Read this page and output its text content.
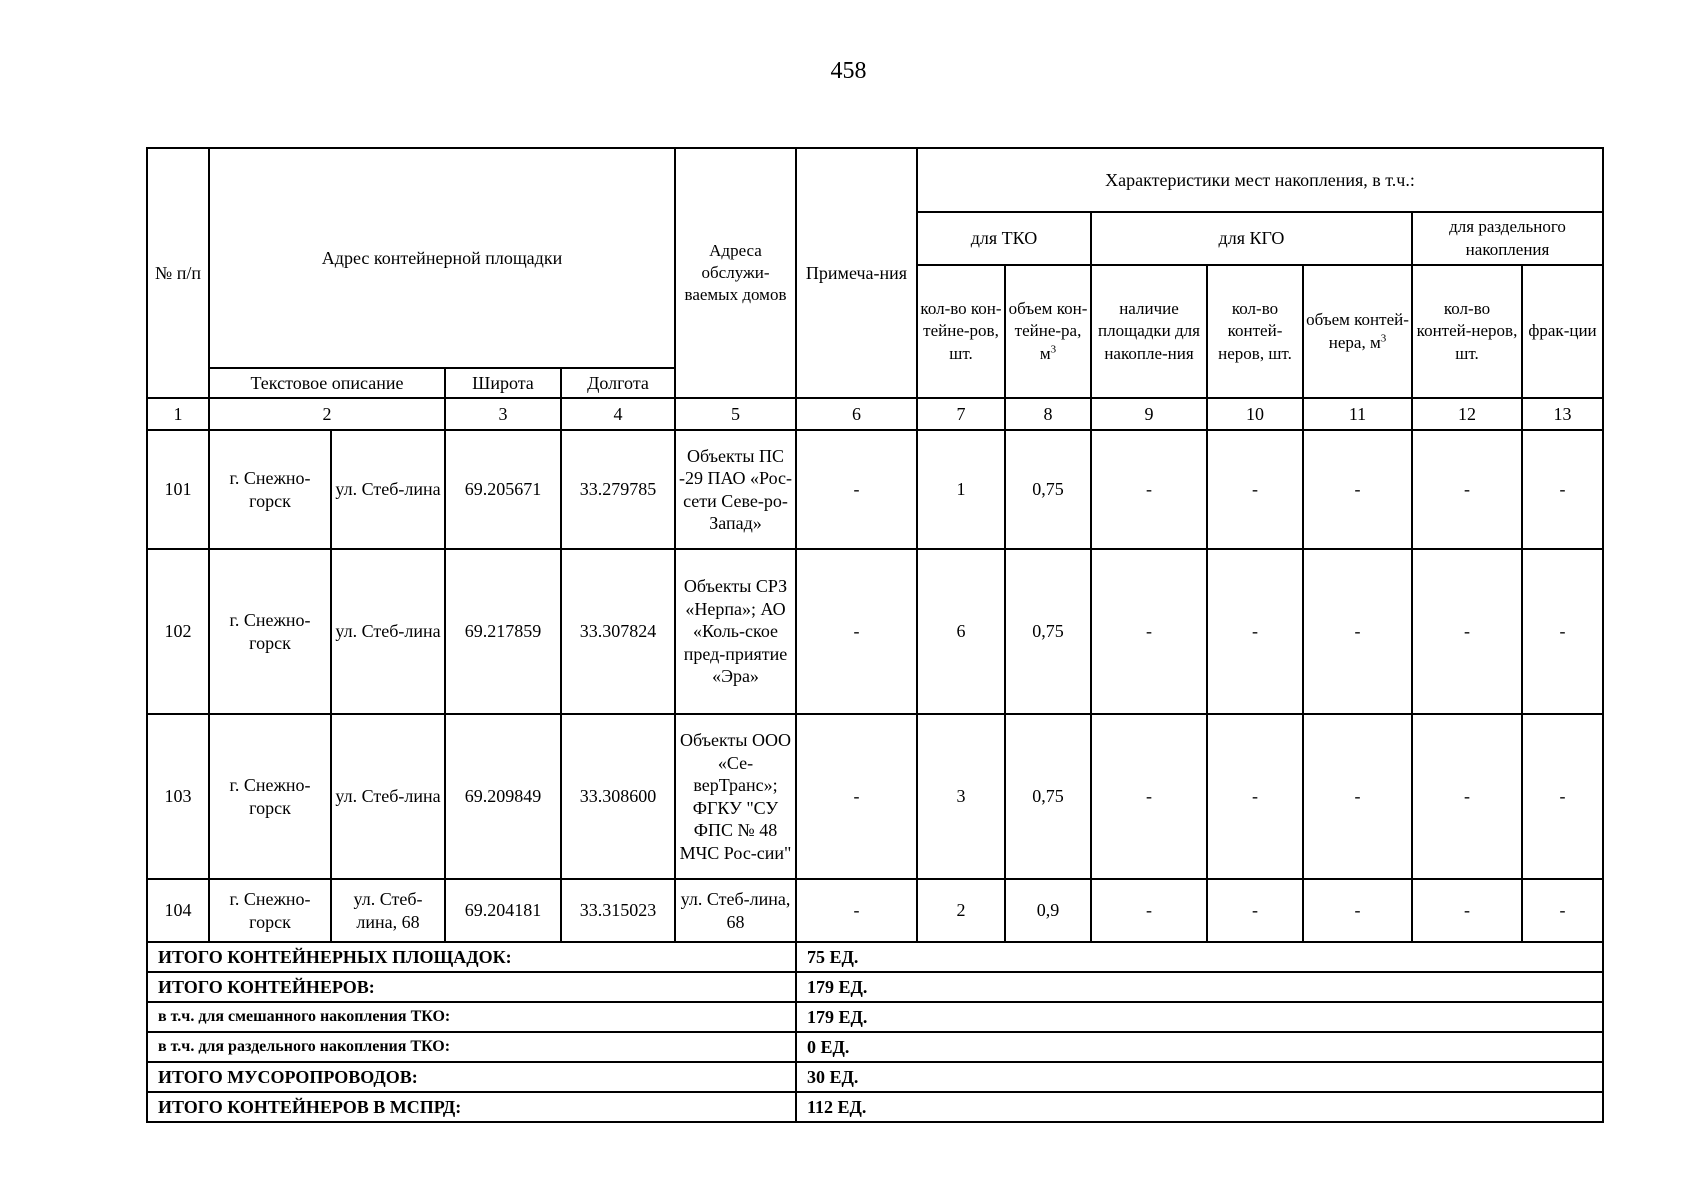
458
№ п/п	Адрес контейнерной площадки				Адреса обслужи-ваемых домов	Примеча-ния	Характеристики мест накопления, в т.ч.:						
							для ТКО		для КГО			для раздельного накопления	
							кол-во кон-тейне-ров, шт.	объем кон-тейне-ра, $м^3$	наличие площадки для накопле-ния	кол-во контей-неров, шт.	объем контей-нера, $м^3$	кол-во контей-неров, шт.	фрак-ции
	Текстовое описание		Широта	Долгота									
1	2		3	4	5	6	7	8	9	10	11	12	13
101	г. Снежно-горск	ул. Стеб-лина	69.205671	33.279785	Объекты ПС -29 ПАО «Рос-сети Севе-ро-Запад»	-	1	0,75	-	-	-	-	-
102	г. Снежно-горск	ул. Стеб-лина	69.217859	33.307824	Объекты СРЗ «Нерпа»; АО «Коль-ское пред-приятие «Эра»	-	6	0,75	-	-	-	-	-
103	г. Снежно-горск	ул. Стеб-лина	69.209849	33.308600	Объекты ООО «Се-верТранс»; ФГКУ "СУ ФПС № 48 МЧС Рос-сии"	-	3	0,75	-	-	-	-	-
104	г. Снежно-горск	ул. Стеб-лина, 68	69.204181	33.315023	ул. Стеб-лина, 68	-	2	0,9	-	-	-	-	-
ИТОГО КОНТЕЙНЕРНЫХ ПЛОЩАДОК:						75 ЕД.							
ИТОГО КОНТЕЙНЕРОВ:						179 ЕД.							
в т.ч. для смешанного накопления ТКО:						179 ЕД.							
в т.ч. для раздельного накопления ТКО:						0 ЕД.							
ИТОГО МУСОРОПРОВОДОВ:						30 ЕД.							
ИТОГО КОНТЕЙНЕРОВ В МСПРД:						112 ЕД.							
